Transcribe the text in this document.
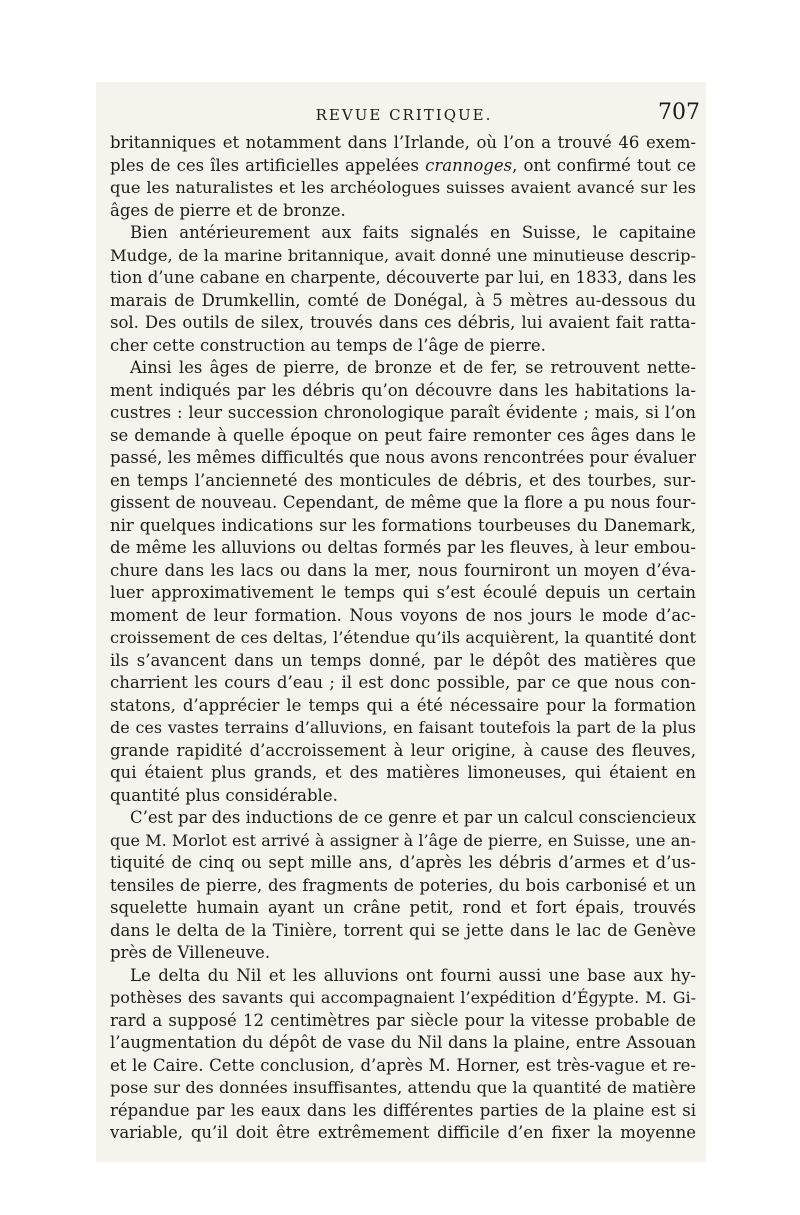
REVUE CRITIQUE.	707
britanniques et notamment dans l’Irlande, où l’on a trouvé 46 exem-
ples de ces îles artificielles appelées crannoges, ont confirmé tout ce
que les naturalistes et les archéologues suisses avaient avancé sur les
âges de pierre et de bronze.
Bien antérieurement aux faits signalés en Suisse, le capitaine
Mudge, de la marine britannique, avait donné une minutieuse descrip-
tion d’une cabane en charpente, découverte par lui, en 1833, dans les
marais de Drumkellin, comté de Donégal, à 5 mètres au-dessous du
sol. Des outils de silex, trouvés dans ces débris, lui avaient fait ratta-
cher cette construction au temps de l’âge de pierre.
Ainsi les âges de pierre, de bronze et de fer, se retrouvent nette-
ment indiqués par les débris qu’on découvre dans les habitations la-
custres : leur succession chronologique paraît évidente ; mais, si l’on
se demande à quelle époque on peut faire remonter ces âges dans le
passé, les mêmes difficultés que nous avons rencontrées pour évaluer
en temps l’ancienneté des monticules de débris, et des tourbes, sur-
gissent de nouveau. Cependant, de même que la flore a pu nous four-
nir quelques indications sur les formations tourbeuses du Danemark,
de même les alluvions ou deltas formés par les fleuves, à leur embou-
chure dans les lacs ou dans la mer, nous fourniront un moyen d’éva-
luer approximativement le temps qui s’est écoulé depuis un certain
moment de leur formation. Nous voyons de nos jours le mode d’ac-
croissement de ces deltas, l’étendue qu’ils acquièrent, la quantité dont
ils s’avancent dans un temps donné, par le dépôt des matières que
charrient les cours d’eau ; il est donc possible, par ce que nous con-
statons, d’apprécier le temps qui a été nécessaire pour la formation
de ces vastes terrains d’alluvions, en faisant toutefois la part de la plus
grande rapidité d’accroissement à leur origine, à cause des fleuves,
qui étaient plus grands, et des matières limoneuses, qui étaient en
quantité plus considérable.
C’est par des inductions de ce genre et par un calcul consciencieux
que M. Morlot est arrivé à assigner à l’âge de pierre, en Suisse, une an-
tiquité de cinq ou sept mille ans, d’après les débris d’armes et d’us-
tensiles de pierre, des fragments de poteries, du bois carbonisé et un
squelette humain ayant un crâne petit, rond et fort épais, trouvés
dans le delta de la Tinière, torrent qui se jette dans le lac de Genève
près de Villeneuve.
Le delta du Nil et les alluvions ont fourni aussi une base aux hy-
pothèses des savants qui accompagnaient l’expédition d’Égypte. M. Gi-
rard a supposé 12 centimètres par siècle pour la vitesse probable de
l’augmentation du dépôt de vase du Nil dans la plaine, entre Assouan
et le Caire. Cette conclusion, d’après M. Horner, est très-vague et re-
pose sur des données insuffisantes, attendu que la quantité de matière
répandue par les eaux dans les différentes parties de la plaine est si
variable, qu’il doit être extrêmement difficile d’en fixer la moyenne
